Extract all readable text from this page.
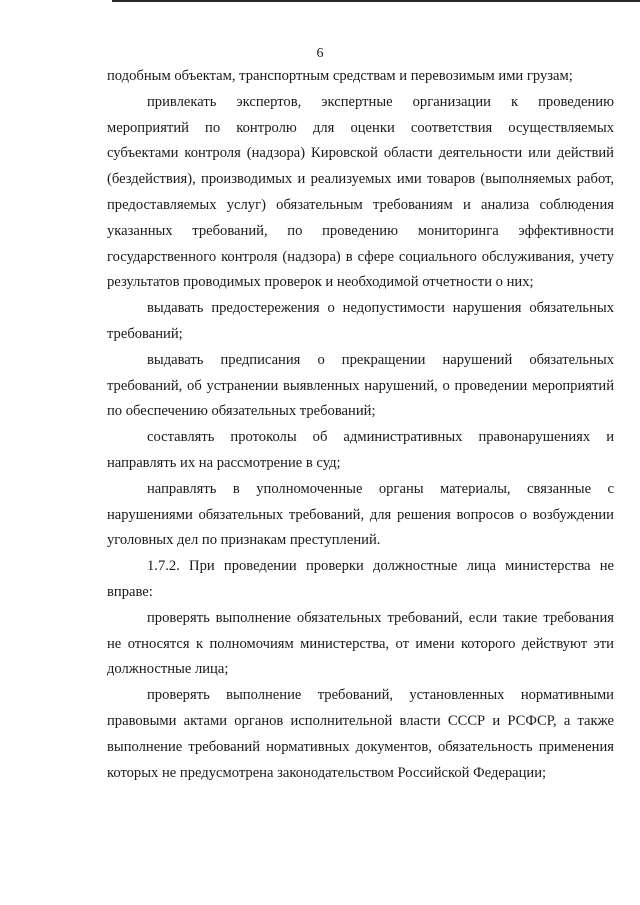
6

подобным объектам, транспортным средствам и перевозимым ими грузам;

привлекать экспертов, экспертные организации к проведению мероприятий по контролю для оценки соответствия осуществляемых субъектами контроля (надзора) Кировской области деятельности или действий (бездействия), производимых и реализуемых ими товаров (выполняемых работ, предоставляемых услуг) обязательным требованиям и анализа соблюдения указанных требований, по проведению мониторинга эффективности государственного контроля (надзора) в сфере социального обслуживания, учету результатов проводимых проверок и необходимой отчетности о них;

выдавать предостережения о недопустимости нарушения обязательных требований;

выдавать предписания о прекращении нарушений обязательных требований, об устранении выявленных нарушений, о проведении мероприятий по обеспечению обязательных требований;

составлять протоколы об административных правонарушениях и направлять их на рассмотрение в суд;

направлять в уполномоченные органы материалы, связанные с нарушениями обязательных требований, для решения вопросов о возбуждении уголовных дел по признакам преступлений.

1.7.2. При проведении проверки должностные лица министерства не вправе:

проверять выполнение обязательных требований, если такие требования не относятся к полномочиям министерства, от имени которого действуют эти должностные лица;

проверять выполнение требований, установленных нормативными правовыми актами органов исполнительной власти СССР и РСФСР, а также выполнение требований нормативных документов, обязательность применения которых не предусмотрена законодательством Российской Федерации;
